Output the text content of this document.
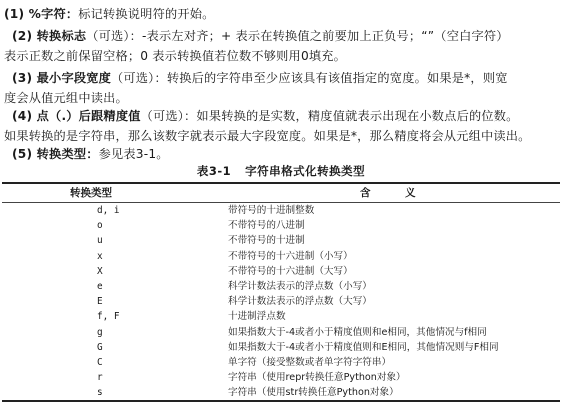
(1) %字符：标记转换说明符的开始。
(2) 转换标志（可选）：-表示左对齐；+ 表示在转换值之前要加上正负号；“”（空白字符）
表示正数之前保留空格；0 表示转换值若位数不够则用0填充。
(3) 最小字段宽度（可选）：转换后的字符串至少应该具有该值指定的宽度。如果是*，则宽
度会从值元组中读出。
(4) 点（.）后跟精度值（可选）：如果转换的是实数，精度值就表示出现在小数点后的位数。
如果转换的是字符串，那么该数字就表示最大字段宽度。如果是*，那么精度将会从元组中读出。
(5) 转换类型：参见表3-1。
表3-1 字符串格式化转换类型
转换类型	含　义
d, i	带符号的十进制整数
o	不带符号的八进制
u	不带符号的十进制
x	不带符号的十六进制（小写）
X	不带符号的十六进制（大写）
e	科学计数法表示的浮点数（小写）
E	科学计数法表示的浮点数（大写）
f, F	十进制浮点数
g	如果指数大于-4或者小于精度值则和e相同，其他情况与f相同
G	如果指数大于-4或者小于精度值则和E相同，其他情况则与F相同
C	单字符（接受整数或者单字符字符串）
r	字符串（使用repr转换任意Python对象）
s	字符串（使用str转换任意Python对象）
